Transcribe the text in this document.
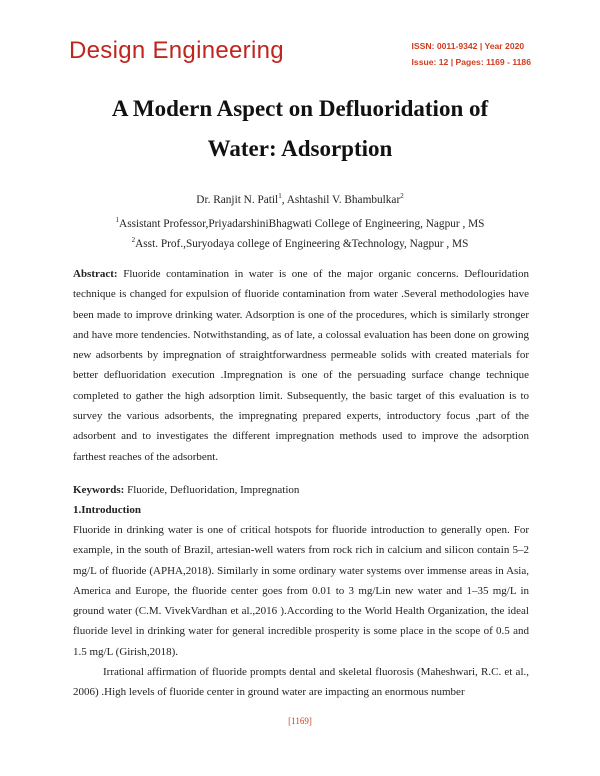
Design Engineering	ISSN: 0011-9342 | Year 2020
Issue: 12 | Pages: 1169 - 1186
A Modern Aspect on Defluoridation of
Water: Adsorption
Dr. Ranjit N. Patil$^1$, Ashtashil V. Bhambulkar$^2$
$^1$Assistant Professor,PriyadarshiniBhagwati College of Engineering, Nagpur , MS
$^2$Asst. Prof.,Suryodaya college of Engineering &Technology, Nagpur , MS
Abstract: Fluoride contamination in water is one of the major organic concerns. Deflouridation technique is changed for expulsion of fluoride contamination from water .Several methodologies have been made to improve drinking water. Adsorption is one of the procedures, which is similarly stronger and have more tendencies. Notwithstanding, as of late, a colossal evaluation has been done on growing new adsorbents by impregnation of straightforwardness permeable solids with created materials for better defluoridation execution .Impregnation is one of the persuading surface change technique completed to gather the high adsorption limit. Subsequently, the basic target of this evaluation is to survey the various adsorbents, the impregnating prepared experts, introductory focus ,part of the adsorbent and to investigates the different impregnation methods used to improve the adsorption farthest reaches of the adsorbent.
Keywords: Fluoride, Defluoridation, Impregnation
1.Introduction
Fluoride in drinking water is one of critical hotspots for fluoride introduction to generally open. For example, in the south of Brazil, artesian-well waters from rock rich in calcium and silicon contain 5–2 mg/L of fluoride (APHA,2018). Similarly in some ordinary water systems over immense areas in Asia, America and Europe, the fluoride center goes from 0.01 to 3 mg/Lin new water and 1–35 mg/L in ground water (C.M. VivekVardhan et al.,2016 ).According to the World Health Organization, the ideal fluoride level in drinking water for general incredible prosperity is some place in the scope of 0.5 and 1.5 mg/L (Girish,2018).
Irrational affirmation of fluoride prompts dental and skeletal fluorosis (Maheshwari, R.C. et al., 2006) .High levels of fluoride center in ground water are impacting an enormous number
[1169]
